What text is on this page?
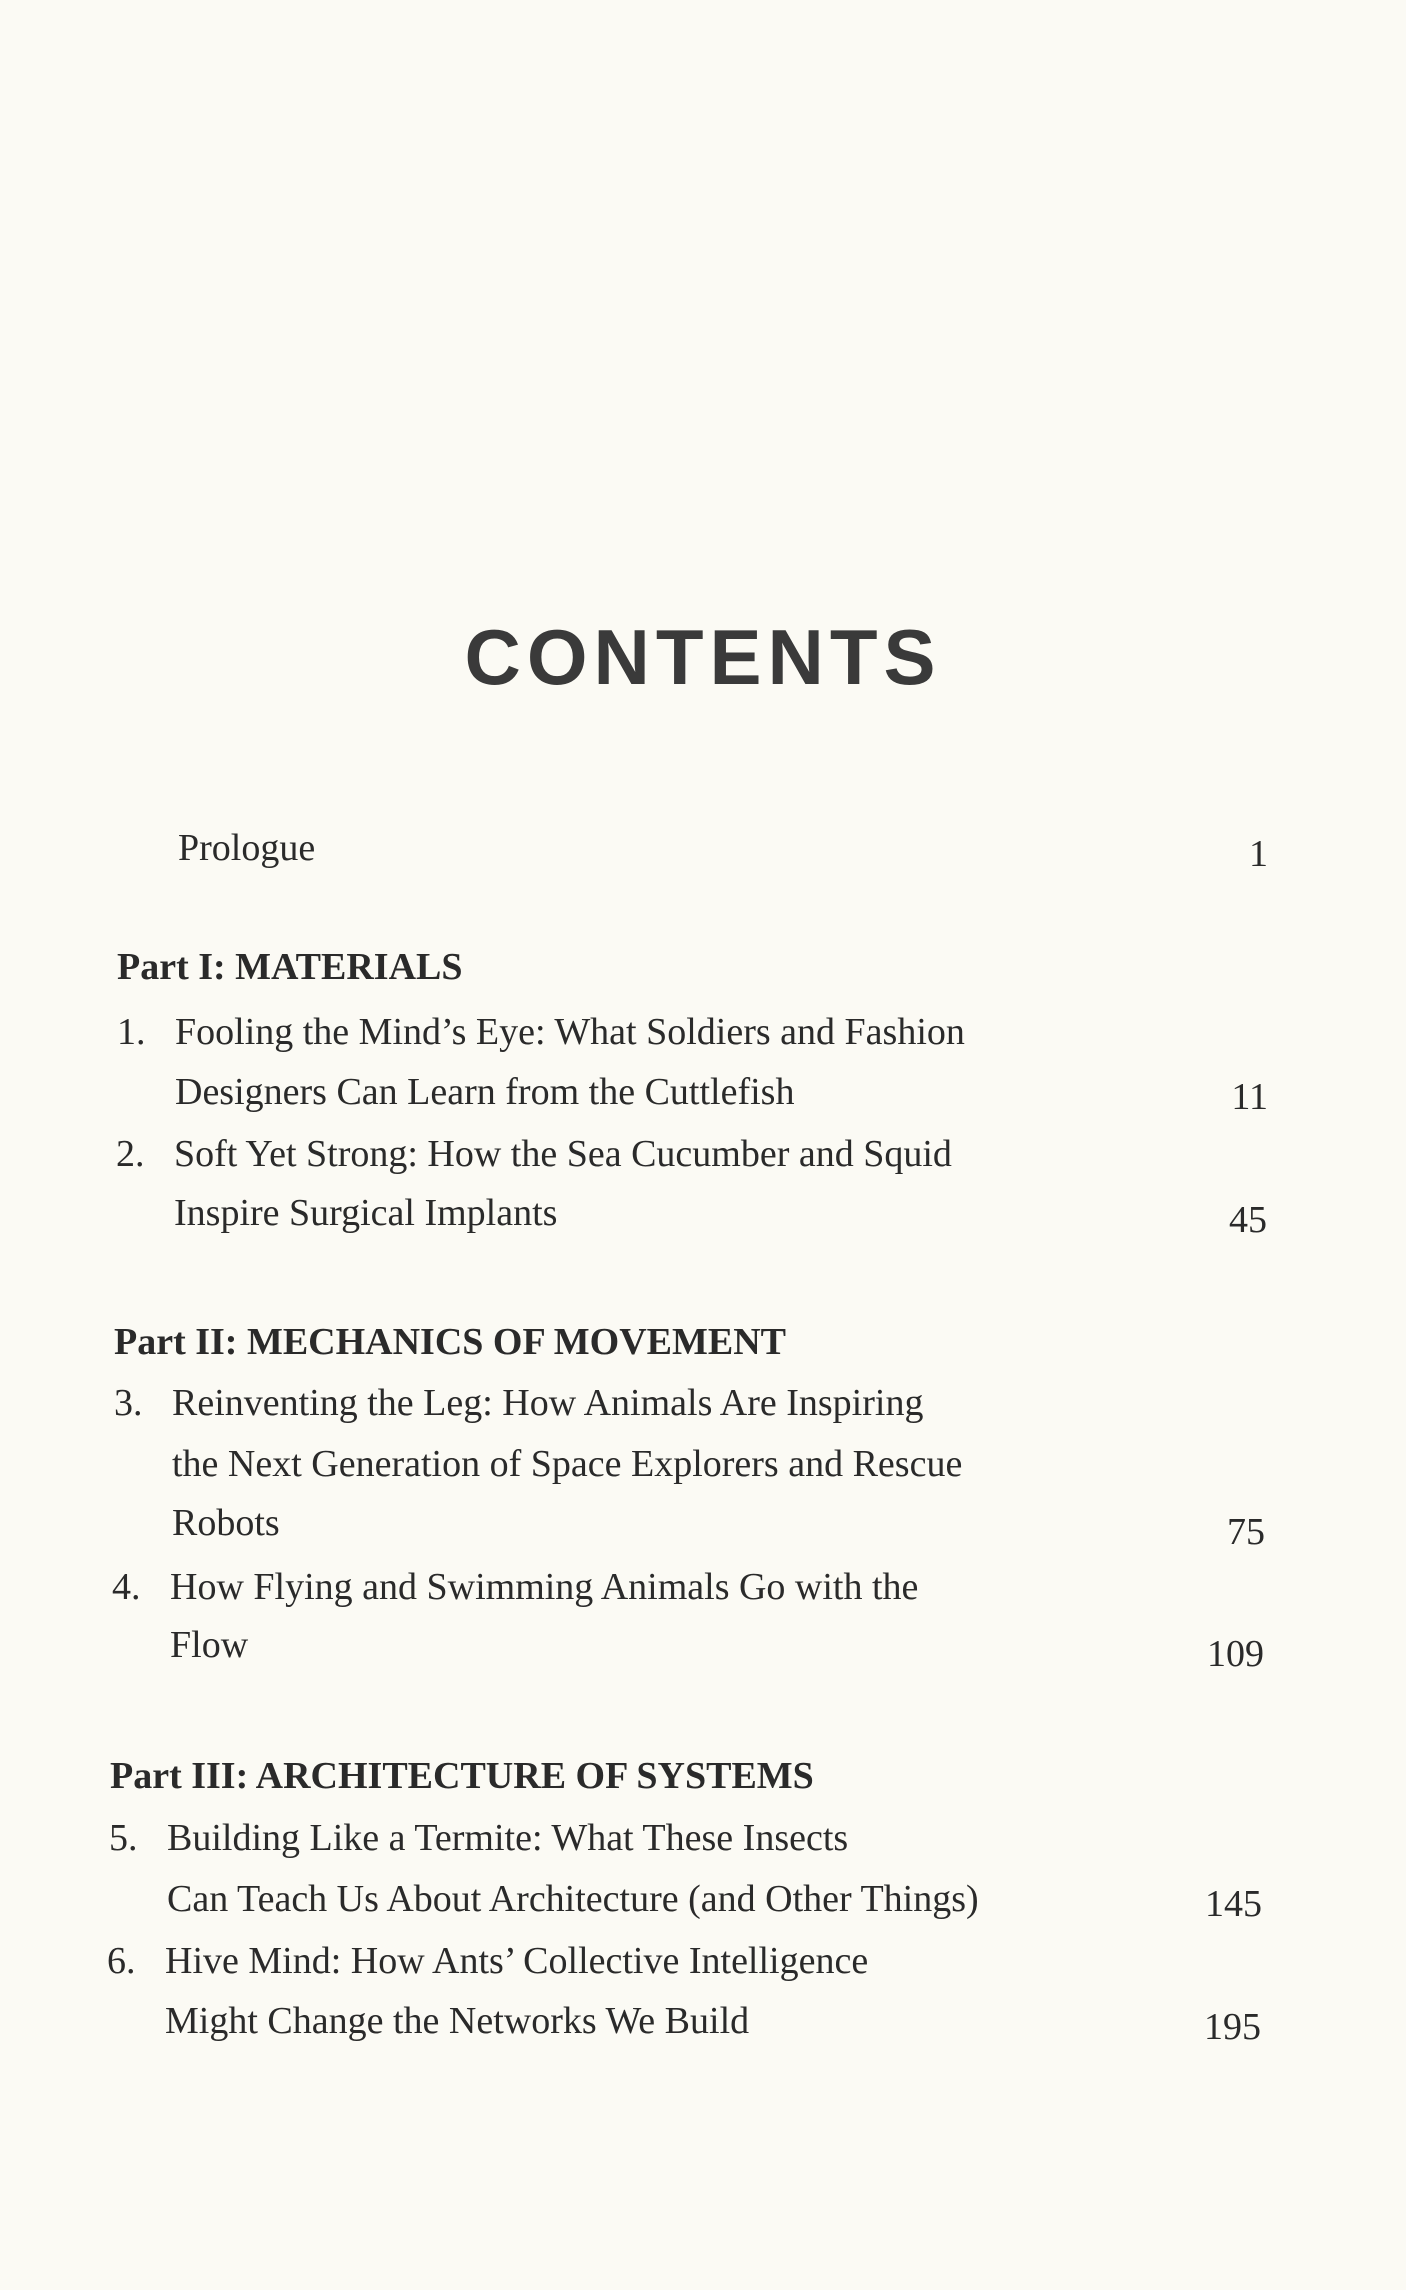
CONTENTS
Prologue	1
Part I: MATERIALS
1. Fooling the Mind’s Eye: What Soldiers and Fashion
Designers Can Learn from the Cuttlefish	11
2. Soft Yet Strong: How the Sea Cucumber and Squid
Inspire Surgical Implants	45
Part II: MECHANICS OF MOVEMENT
3. Reinventing the Leg: How Animals Are Inspiring
the Next Generation of Space Explorers and Rescue
Robots	75
4. How Flying and Swimming Animals Go with the
Flow	109
Part III: ARCHITECTURE OF SYSTEMS
5. Building Like a Termite: What These Insects
Can Teach Us About Architecture (and Other Things)	145
6. Hive Mind: How Ants’ Collective Intelligence
Might Change the Networks We Build	195
